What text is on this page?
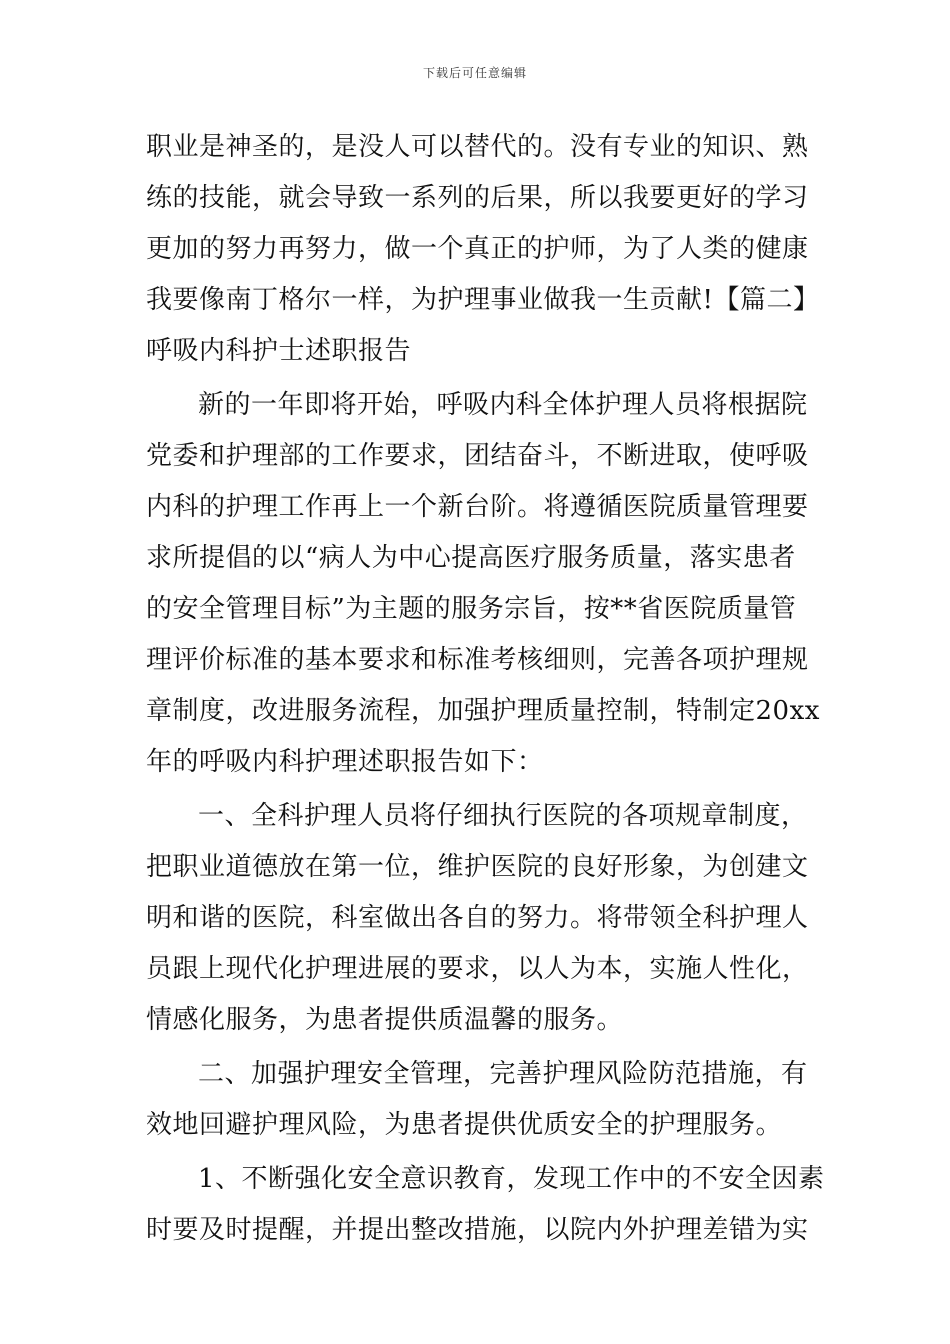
下载后可任意编辑
职业是神圣的，是没人可以替代的。没有专业的知识、熟
练的技能，就会导致一系列的后果，所以我要更好的学习
更加的努力再努力，做一个真正的护师，为了人类的健康
我要像南丁格尔一样，为护理事业做我一生贡献!【篇二】
呼吸内科护士述职报告
新的一年即将开始，呼吸内科全体护理人员将根据院
党委和护理部的工作要求，团结奋斗，不断进取，使呼吸
内科的护理工作再上一个新台阶。将遵循医院质量管理要
求所提倡的以“病人为中心提高医疗服务质量，落实患者
的安全管理目标”为主题的服务宗旨，按**省医院质量管
理评价标准的基本要求和标准考核细则，完善各项护理规
章制度，改进服务流程，加强护理质量控制，特制定20xx
年的呼吸内科护理述职报告如下：
一、全科护理人员将仔细执行医院的各项规章制度，
把职业道德放在第一位，维护医院的良好形象，为创建文
明和谐的医院，科室做出各自的努力。将带领全科护理人
员跟上现代化护理进展的要求，以人为本，实施人性化，
情感化服务，为患者提供质温馨的服务。
二、加强护理安全管理，完善护理风险防范措施，有
效地回避护理风险，为患者提供优质安全的护理服务。
1、不断强化安全意识教育，发现工作中的不安全因素
时要及时提醒，并提出整改措施，以院内外护理差错为实
